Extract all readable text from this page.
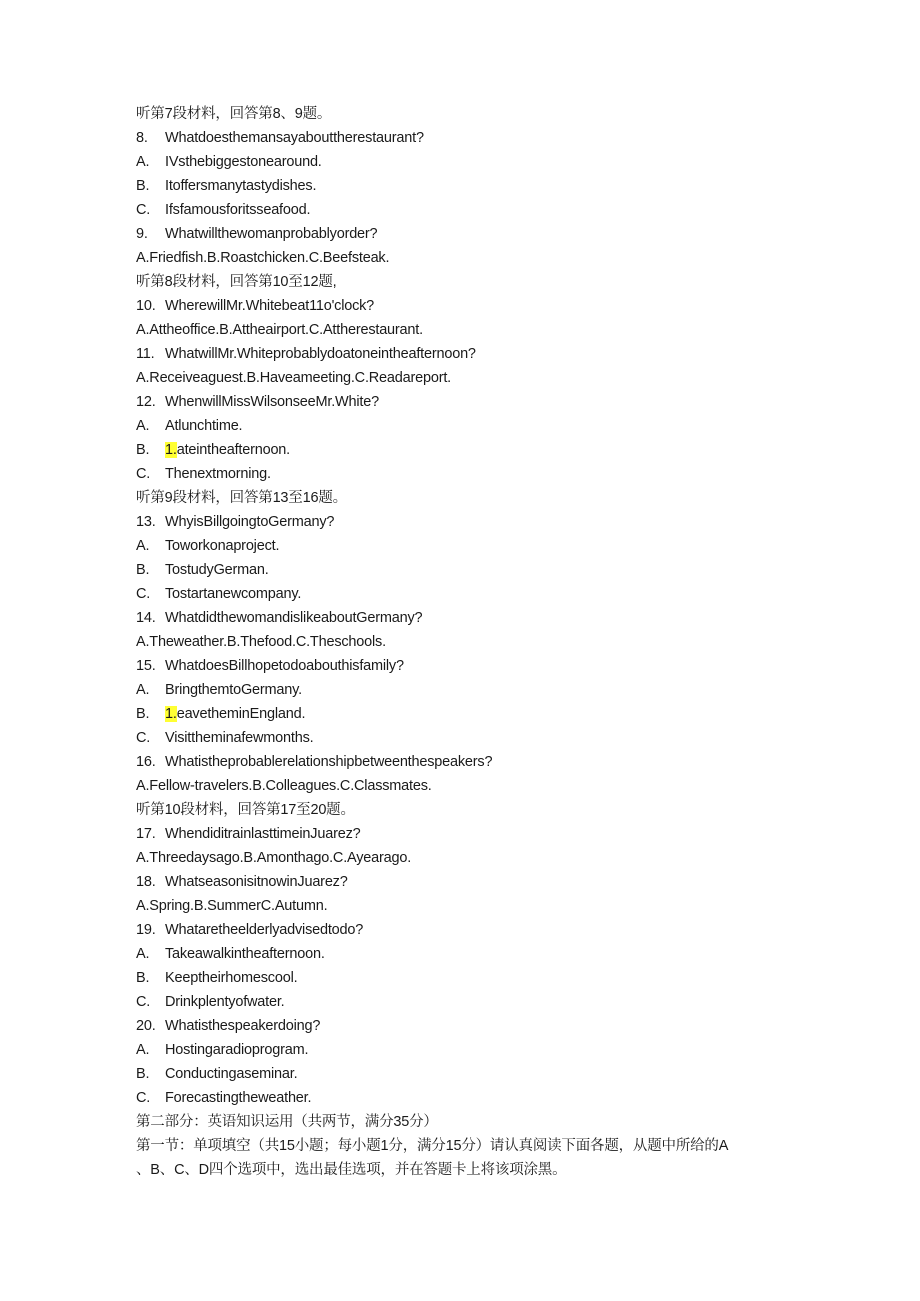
听第7段材料，回答第8、9题。
8. Whatdoesthemansayabouttherestaurant?
A. IVsthebiggestonearound.
B. Itoffersmanytastydishes.
C. Ifsfamousforitsseafood.
9. Whatwillthewomanprobablyorder?
A.Friedfish.B.Roastchicken.C.Beefsteak.
听第8段材料，回答第10至12题,
10. WherewillMr.Whitebeat11o'clock?
A.Attheoffice.B.Attheairport.C.Attherestaurant.
11. WhatwillMr.Whiteprobablydoatoneintheafternoon?
A.Receiveaguest.B.Haveameeting.C.Readareport.
12. WhenwillMissWilsonseeMr.White?
A. Atlunchtime.
B. 1.ateintheafternoon.
C. Thenextmorning.
听第9段材料，回答第13至16题。
13. WhyisBillgoingtoGermany?
A. Toworkonaproject.
B. TostudyGerman.
C. Tostartanewcompany.
14. WhatdidthewomandislikeaboutGermany?
A.Theweather.B.Thefood.C.Theschools.
15. WhatdoesBillhopetodoabouthisfamily?
A. BringthemtoGermany.
B. 1.eavetheminEngland.
C. Visittheminafewmonths.
16. Whatistheprobablerelationshipbetweenthespeakers?
A.Fellow-travelers.B.Colleagues.C.Classmates.
听第10段材料，回答第17至20题。
17. WhendiditrainlasttimeinJuarez?
A.Threedaysago.B.Amonthago.C.Ayearago.
18. WhatseasonisitnowinJuarez?
A.Spring.B.SummerC.Autumn.
19. Whataretheelderlyadvisedtodo?
A. Takeawalkintheafternoon.
B. Keeptheirhomescool.
C. Drinkplentyofwater.
20. Whatisthespeakerdoing?
A. Hostingaradioprogram.
B. Conductingaseminar.
C. Forecastingtheweather.
第二部分：英语知识运用（共两节，满分35分）
第一节：单项填空（共15小题；每小题1分，满分15分）请认真阅读下面各题，从题中所给的A
、B、C、D四个选项中，选出最佳选项，并在答题卡上将该项涂黑。
